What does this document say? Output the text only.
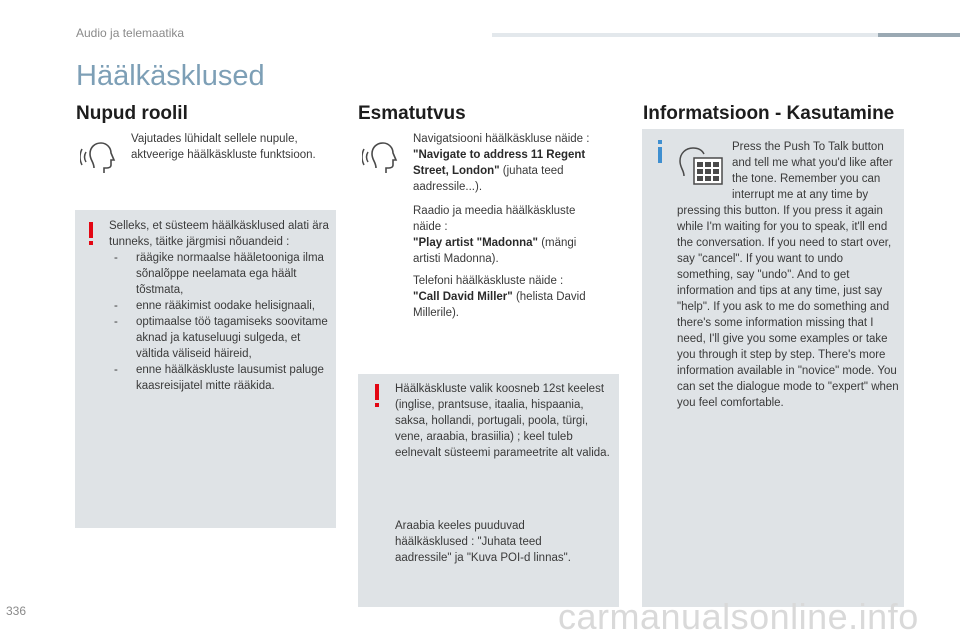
Audio ja telemaatika
Häälkäsklused
Nupud roolil

Vajutades lühidalt sellele nupule, aktveerige häälkäskluste funktsioon.

Selleks, et süsteem häälkäsklused alati ära tunneks, täitke järgmisi nõuandeid :
- räägike normaalse hääletooniga ilma sõnalõppe neelamata ega häält tõstmata,
- enne rääkimist oodake helisignaali,
- optimaalse töö tagamiseks soovitame aknad ja katuseluugi sulgeda, et vältida väliseid häireid,
- enne häälkäskluste lausumist paluge kaasreisijatel mitte rääkida.
Esmatutvus

Navigatsiooni häälkäskluse näide :
"Navigate to address 11 Regent Street, London" (juhata teed aadressile...).

Raadio ja meedia häälkäskluste näide :
"Play artist "Madonna" (mängi artisti Madonna).

Telefoni häälkäskluste näide :
"Call David Miller" (helista David Millerile).

Häälkäskluste valik koosneb 12st keelest (inglise, prantsuse, itaalia, hispaania, saksa, hollandi, portugali, poola, türgi, vene, araabia, brasiilia) ; keel tuleb eelnevalt süsteemi parameetrite alt valida.

Araabia keeles puuduvad häälkäsklused : "Juhata teed aadressile" ja "Kuva POI-d linnas".

Informatsioon - Kasutamine
Press the Push To Talk button and tell me what you'd like after the tone. Remember you can interrupt me at any time by pressing this button. If you press it again while I'm waiting for you to speak, it'll end the conversation. If you need to start over, say "cancel". If you want to undo something, say "undo". And to get information and tips at any time, just say "help". If you ask to me do something and there's some information missing that I need, I'll give you some examples or take you through it step by step. There's more information available in "novice" mode. You can set the dialogue mode to "expert" when you feel comfortable.
336	carmanualsonline.info
